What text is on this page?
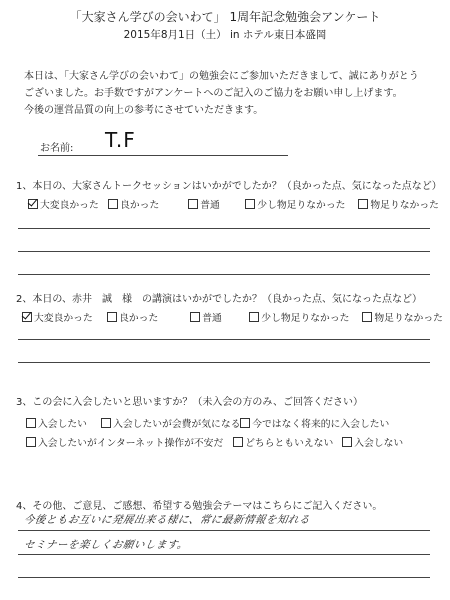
「大家さん学びの会いわて」 1周年記念勉強会アンケート
2015年8月1日（土） in ホテル東日本盛岡
本日は、「大家さん学びの会いわて」の勉強会にご参加いただきまして、誠にありがとう
ございました。お手数ですがアンケートへのご記入のご協力をお願い申し上げます。
今後の運営品質の向上の参考にさせていただきます。
お名前: T.F
1、本日の、大家さんトークセッションはいかがでしたか？（良かった点、気になった点など）
大変良かった 良かった	普通	少し物足りなかった	物足りなかった
2、本日の、赤井　誠　様　の講演はいかがでしたか？（良かった点、気になった点など）
大変良かった	良かった	普通	少し物足りなかった	物足りなかった
3、この会に入会したいと思いますか？（未入会の方のみ、ご回答ください）
入会したい	入会したいが会費が気になる 今ではなく将来的に入会したい
入会したいがインターネット操作が不安だ どちらともいえない 入会しない
4、その他、ご意見、ご感想、希望する勉強会テーマはこちらにご記入ください。
今後ともお互いに発展出来る様に、常に最新情報を知れる
セミナーを楽しくお願いします。
